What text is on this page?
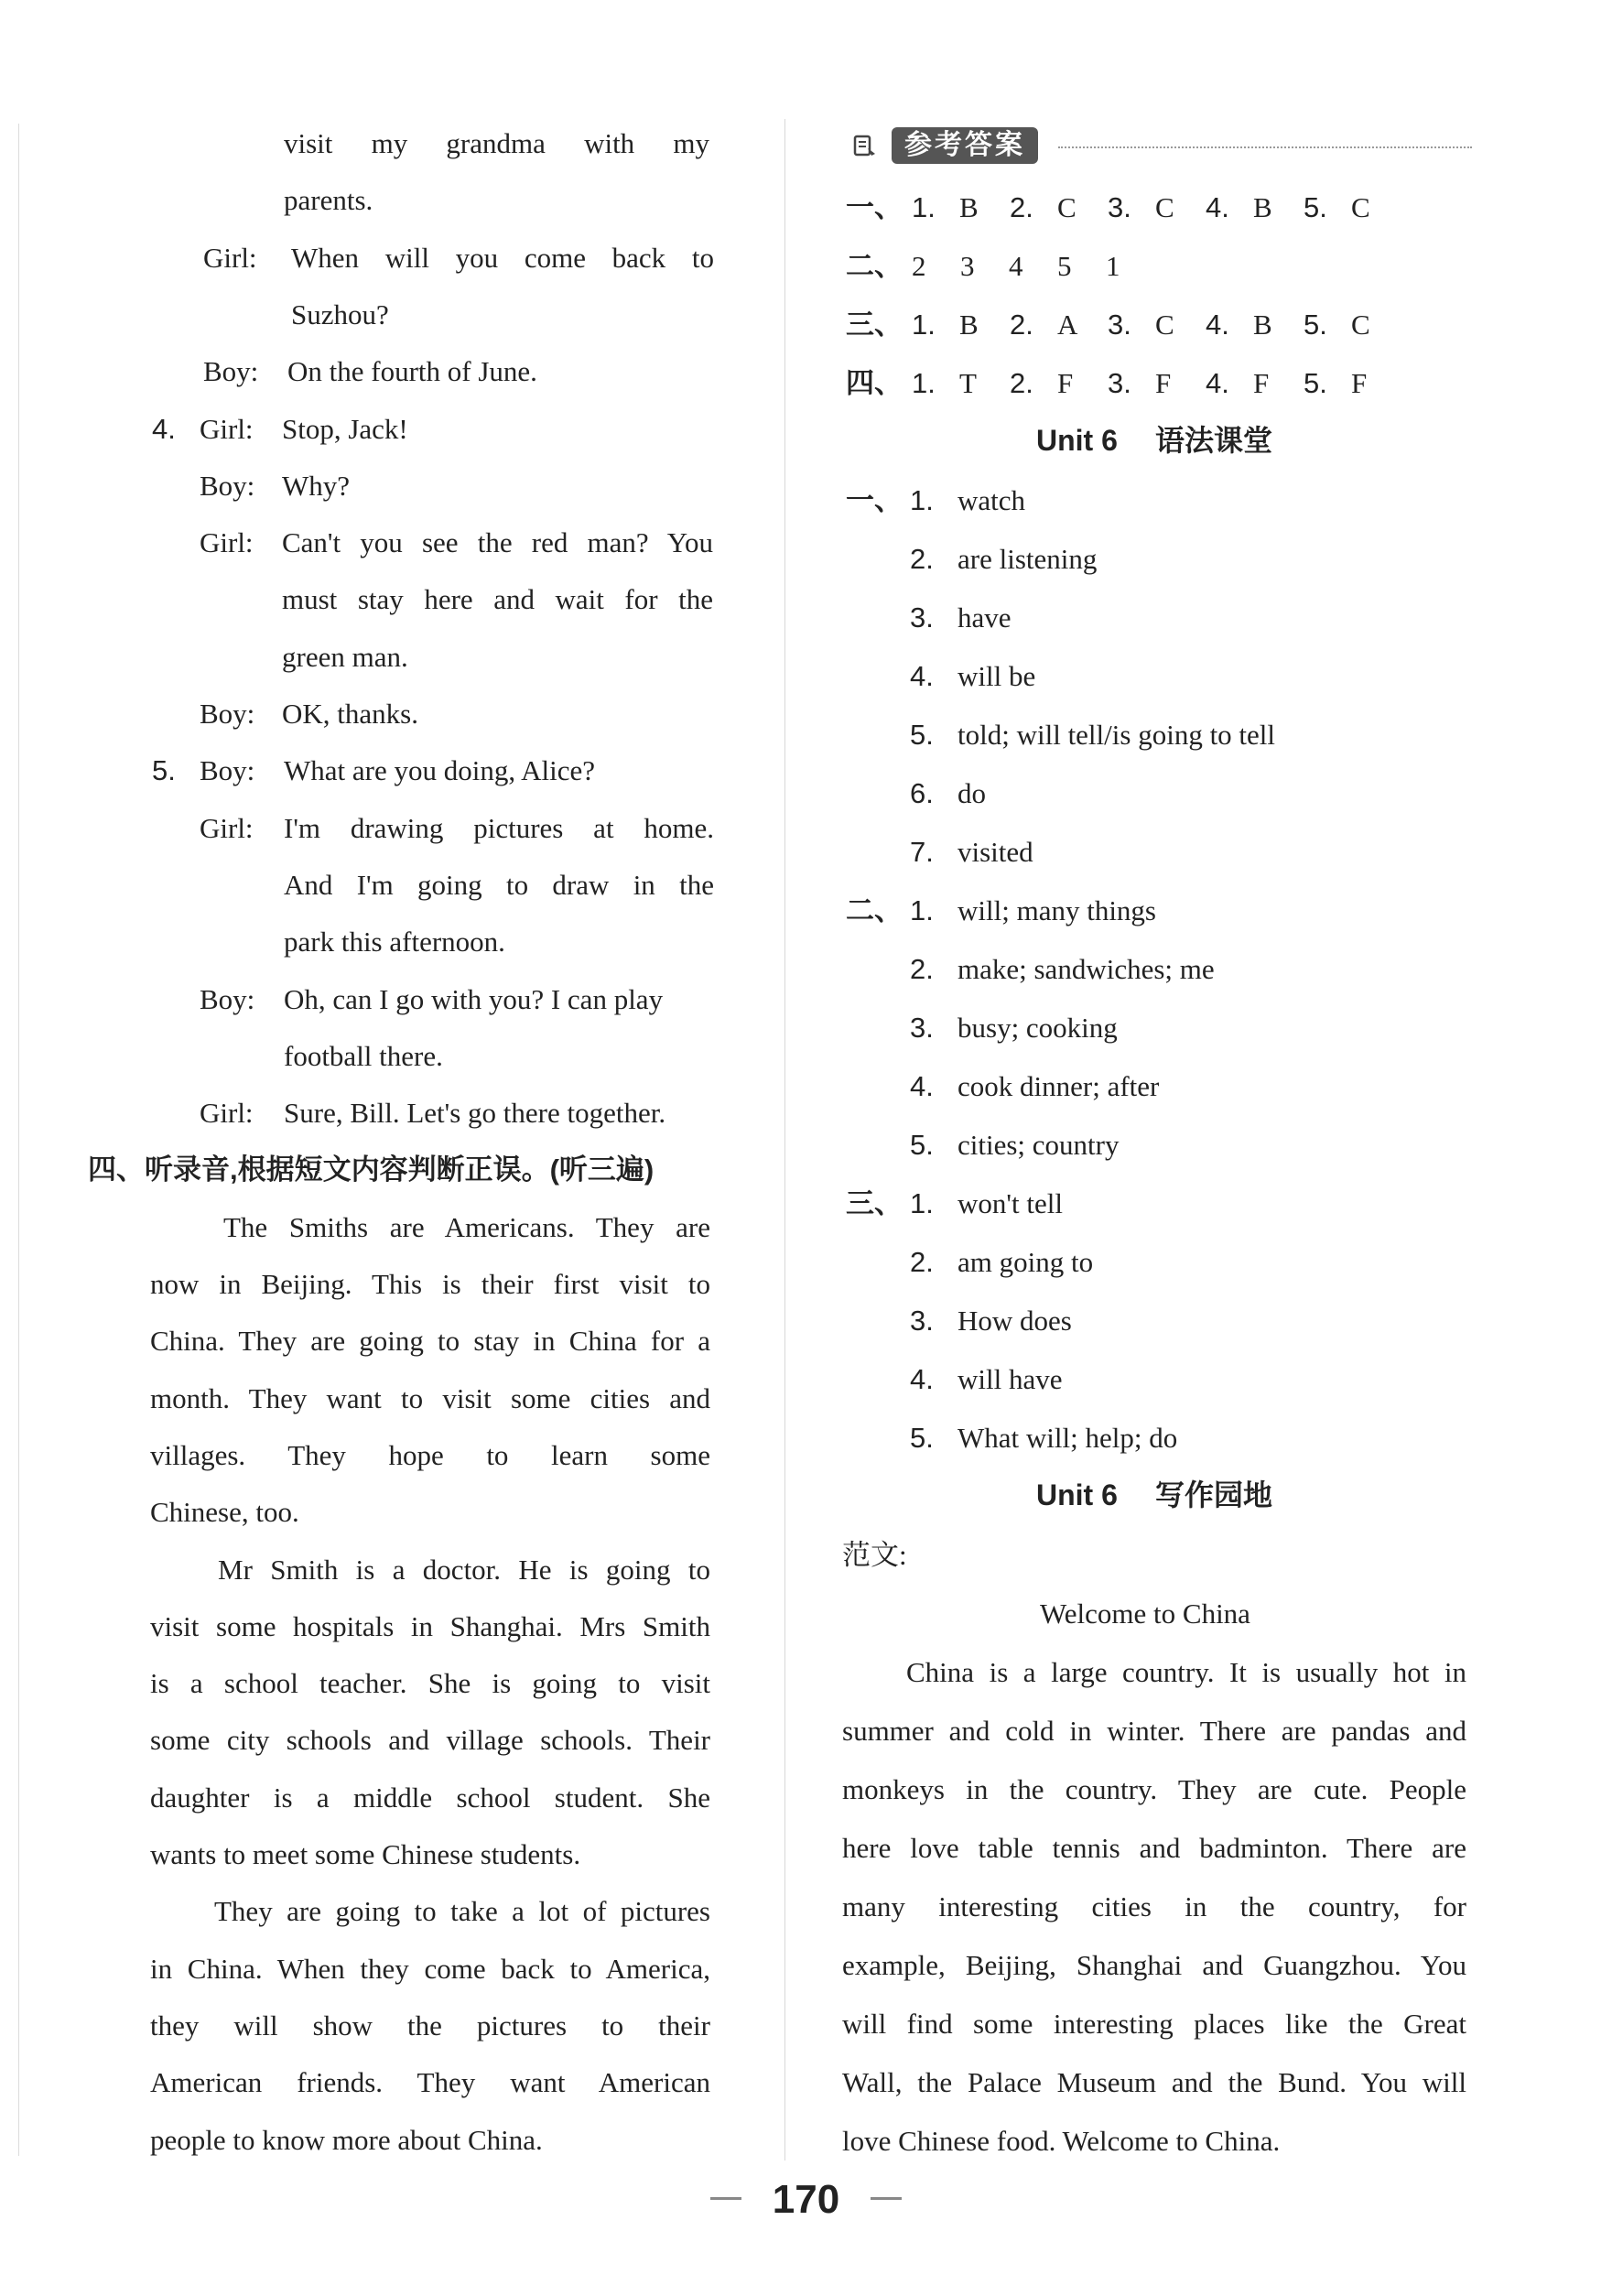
visit my grandma with my
parents.
Girl: When will you come back to
Suzhou?
Boy: On the fourth of June.
4. Girl: Stop, Jack!
Boy: Why?
Girl: Can't you see the red man? You
must stay here and wait for the
green man.
Boy: OK, thanks.
5. Boy: What are you doing, Alice?
Girl: I'm drawing pictures at home.
And I'm going to draw in the
park this afternoon.
Boy: Oh, can I go with you? I can play
football there.
Girl: Sure, Bill. Let's go there together.
四、听录音,根据短文内容判断正误。(听三遍)
The Smiths are Americans. They are
now in Beijing. This is their first visit to
China. They are going to stay in China for a
month. They want to visit some cities and
villages. They hope to learn some
Chinese, too.
Mr Smith is a doctor. He is going to
visit some hospitals in Shanghai. Mrs Smith
is a school teacher. She is going to visit
some city schools and village schools. Their
daughter is a middle school student. She
wants to meet some Chinese students.
They are going to take a lot of pictures
in China. When they come back to America,
they will show the pictures to their
American friends. They want American
people to know more about China.
一、 1. B 2. C 3. C 4. B 5. C
二、 2 3 4 5 1
三、 1. B 2. A 3. C 4. B 5. C
四、 1. T 2. F 3. F 4. F 5. F
Unit 6 语法课堂
一、 1. watch
2. are listening
3. have
4. will be
5. told; will tell/is going to tell
6. do
7. visited
二、 1. will; many things
2. make; sandwiches; me
3. busy; cooking
4. cook dinner; after
5. cities; country
三、 1. won't tell
2. am going to
3. How does
4. will have
5. What will; help; do
Unit 6 写作园地
范文:
Welcome to China
China is a large country. It is usually hot in
summer and cold in winter. There are pandas and
monkeys in the country. They are cute. People
here love table tennis and badminton. There are
many interesting cities in the country, for
example, Beijing, Shanghai and Guangzhou. You
will find some interesting places like the Great
Wall, the Palace Museum and the Bund. You will
love Chinese food. Welcome to China.
参考答案
170
